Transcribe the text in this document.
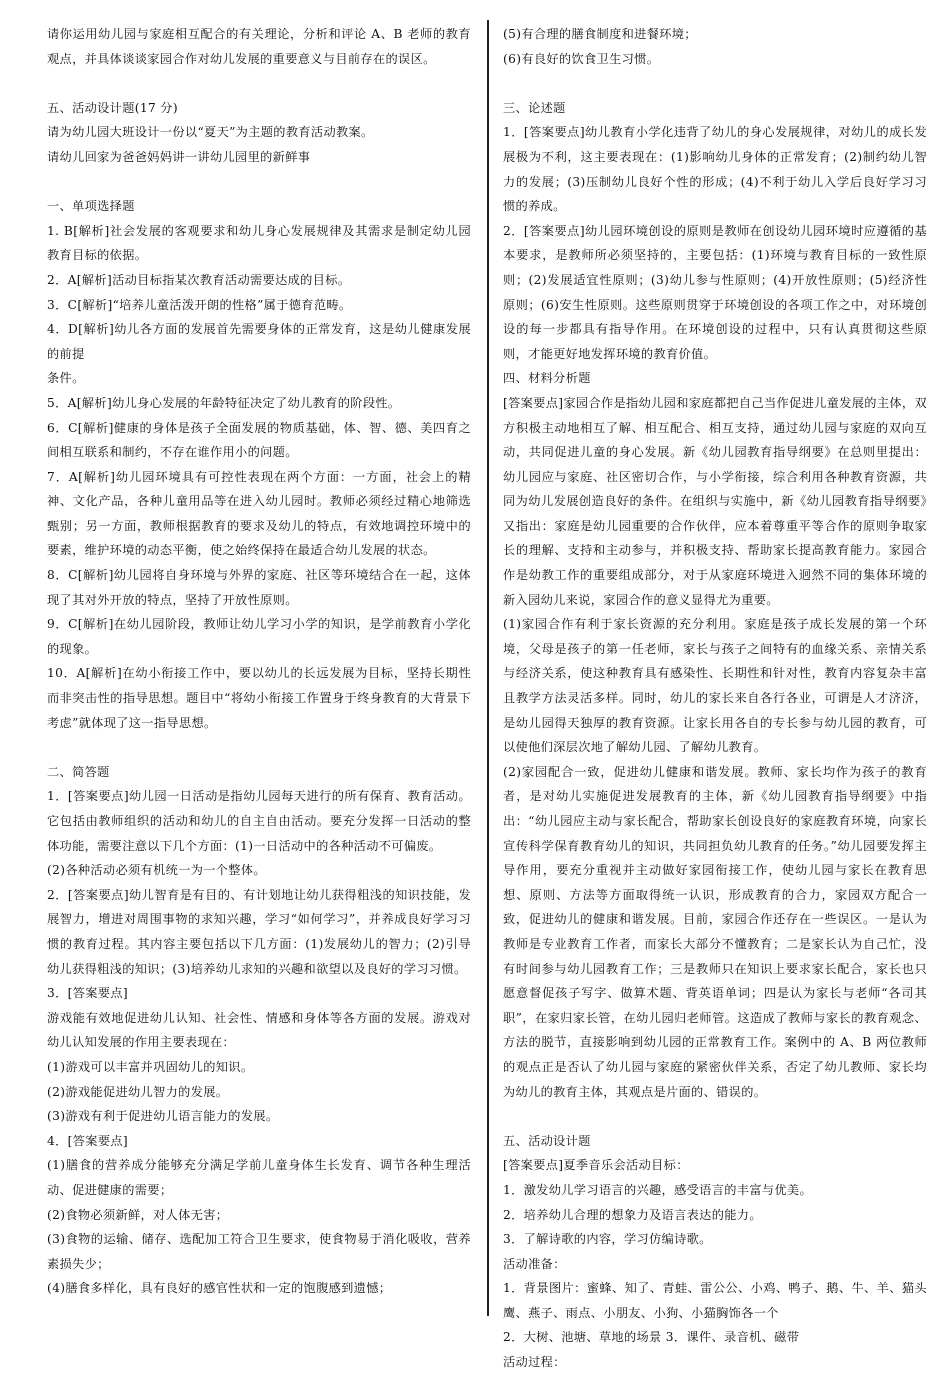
请你运用幼儿园与家庭相互配合的有关理论，分析和评论 A、B 老师的教育观点，并具体谈谈家园合作对幼儿发展的重要意义与目前存在的误区。
五、活动设计题(17 分)
请为幼儿园大班设计一份以“夏天”为主题的教育活动教案。
请幼儿回家为爸爸妈妈讲一讲幼儿园里的新鲜事
一、单项选择题
1. B[解析]社会发展的客观要求和幼儿身心发展规律及其需求是制定幼儿园教育目标的依据。
2．A[解析]活动目标指某次教育活动需要达成的目标。
3．C[解析]“培养儿童活泼开朗的性格”属于德育范畴。
4．D[解析]幼儿各方面的发展首先需要身体的正常发育，这是幼儿健康发展的前提
条件。
5．A[解析]幼儿身心发展的年龄特征决定了幼儿教育的阶段性。
6．C[解析]健康的身体是孩子全面发展的物质基础，体、智、德、美四育之间相互联系和制约，不存在谁作用小的问题。
7．A[解析]幼儿园环境具有可控性表现在两个方面：一方面，社会上的精神、文化产品，各种儿童用品等在进入幼儿园时。教师必须经过精心地筛选甄别；另一方面，教师根据教育的要求及幼儿的特点，有效地调控环境中的要素，维护环境的动态平衡，使之始终保持在最适合幼儿发展的状态。
8．C[解析]幼儿园将自身环境与外界的家庭、社区等环境结合在一起，这体现了其对外开放的特点，坚持了开放性原则。
9．C[解析]在幼儿园阶段，教师让幼儿学习小学的知识，是学前教育小学化的现象。
10．A[解析]在幼小衔接工作中，要以幼儿的长远发展为目标，坚持长期性而非突击性的指导思想。题目中“将幼小衔接工作置身于终身教育的大背景下考虑”就体现了这一指导思想。
二、简答题
1．[答案要点]幼儿园一日活动是指幼儿园每天进行的所有保育、教育活动。它包括由教师组织的活动和幼儿的自主自由活动。要充分发挥一日活动的整体功能，需要注意以下几个方面：(1)一日活动中的各种活动不可偏废。
(2)各种活动必须有机统一为一个整体。
2．[答案要点]幼儿智育是有目的、有计划地让幼儿获得粗浅的知识技能，发展智力，增进对周围事物的求知兴趣，学习“如何学习”，并养成良好学习习惯的教育过程。其内容主要包括以下几方面：(1)发展幼儿的智力；(2)引导幼儿获得粗浅的知识；(3)培养幼儿求知的兴趣和欲望以及良好的学习习惯。
3．[答案要点]
游戏能有效地促进幼儿认知、社会性、情感和身体等各方面的发展。游戏对幼儿认知发展的作用主要表现在：
(1)游戏可以丰富并巩固幼儿的知识。
(2)游戏能促进幼儿智力的发展。
(3)游戏有利于促进幼儿语言能力的发展。
4．[答案要点]
(1)膳食的营养成分能够充分满足学前儿童身体生长发育、调节各种生理活动、促进健康的需要；
(2)食物必须新鲜，对人体无害；
(3)食物的运输、储存、选配加工符合卫生要求，使食物易于消化吸收，营养素损失少；
(4)膳食多样化，具有良好的感官性状和一定的饱腹感到遗憾；
(5)有合理的膳食制度和进餐环境；
(6)有良好的饮食卫生习惯。
三、论述题
1．[答案要点]幼儿教育小学化违背了幼儿的身心发展规律，对幼儿的成长发展极为不利，这主要表现在：(1)影响幼儿身体的正常发育；(2)制约幼儿智力的发展；(3)压制幼儿良好个性的形成；(4)不利于幼儿入学后良好学习习惯的养成。
2．[答案要点]幼儿园环境创设的原则是教师在创设幼儿园环境时应遵循的基本要求，是教师所必须坚持的，主要包括：(1)环境与教育目标的一致性原则；(2)发展适宜性原则；(3)幼儿参与性原则；(4)开放性原则；(5)经济性原则；(6)安生性原则。这些原则贯穿于环境创设的各项工作之中，对环境创设的每一步都具有指导作用。在环境创设的过程中，只有认真贯彻这些原则，才能更好地发挥环境的教育价值。
四、材料分析题
[答案要点]家园合作是指幼儿园和家庭都把自己当作促进儿童发展的主体，双方积极主动地相互了解、相互配合、相互支持，通过幼儿园与家庭的双向互动，共同促进儿童的身心发展。新《幼儿园教育指导纲要》在总则里提出：幼儿园应与家庭、社区密切合作，与小学衔接，综合利用各种教育资源，共同为幼儿发展创造良好的条件。在组织与实施中，新《幼儿园教育指导纲要》又指出：家庭是幼儿园重要的合作伙伴，应本着尊重平等合作的原则争取家长的理解、支持和主动参与，并积极支持、帮助家长提高教育能力。家园合作是幼教工作的重要组成部分，对于从家庭环境进入迥然不同的集体环境的新入园幼儿来说，家园合作的意义显得尤为重要。
(1)家园合作有利于家长资源的充分利用。家庭是孩子成长发展的第一个环境，父母是孩子的第一任老师，家长与孩子之间特有的血缘关系、亲情关系与经济关系，使这种教育具有感染性、长期性和针对性，教育内容复杂丰富且教学方法灵活多样。同时，幼儿的家长来自各行各业，可谓是人才济济，是幼儿园得天独厚的教育资源。让家长用各自的专长参与幼儿园的教育，可以使他们深层次地了解幼儿园、了解幼儿教育。
(2)家园配合一致，促进幼儿健康和谐发展。教师、家长均作为孩子的教育者，是对幼儿实施促进发展教育的主体，新《幼儿园教育指导纲要》中指出：“幼儿园应主动与家长配合，帮助家长创设良好的家庭教育环境，向家长宣传科学保育教育幼儿的知识，共同担负幼儿教育的任务。”幼儿园要发挥主导作用，要充分重视并主动做好家园衔接工作，使幼儿园与家长在教育思想、原则、方法等方面取得统一认识，形成教育的合力，家园双方配合一致，促进幼儿的健康和谐发展。目前，家园合作还存在一些误区。一是认为教师是专业教育工作者，而家长大部分不懂教育；二是家长认为自己忙，没有时间参与幼儿园教育工作；三是教师只在知识上要求家长配合，家长也只愿意督促孩子写字、做算术题、背英语单词；四是认为家长与老师“各司其职”，在家归家长管，在幼儿园归老师管。这造成了教师与家长的教育观念、方法的脱节，直接影响到幼儿园的正常教育工作。案例中的 A、B 两位教师的观点正是否认了幼儿园与家庭的紧密伙伴关系，否定了幼儿教师、家长均为幼儿的教育主体，其观点是片面的、错误的。
五、活动设计题
[答案要点]夏季音乐会活动目标：
1．激发幼儿学习语言的兴趣，感受语言的丰富与优美。
2．培养幼儿合理的想象力及语言表达的能力。
3．了解诗歌的内容，学习仿编诗歌。
活动准备：
1．背景图片：蜜蜂、知了、青蛙、雷公公、小鸡、鸭子、鹅、牛、羊、猫头鹰、燕子、雨点、小朋友、小狗、小猫胸饰各一个
2．大树、池塘、草地的场景 3．课件、录音机、磁带
活动过程：
